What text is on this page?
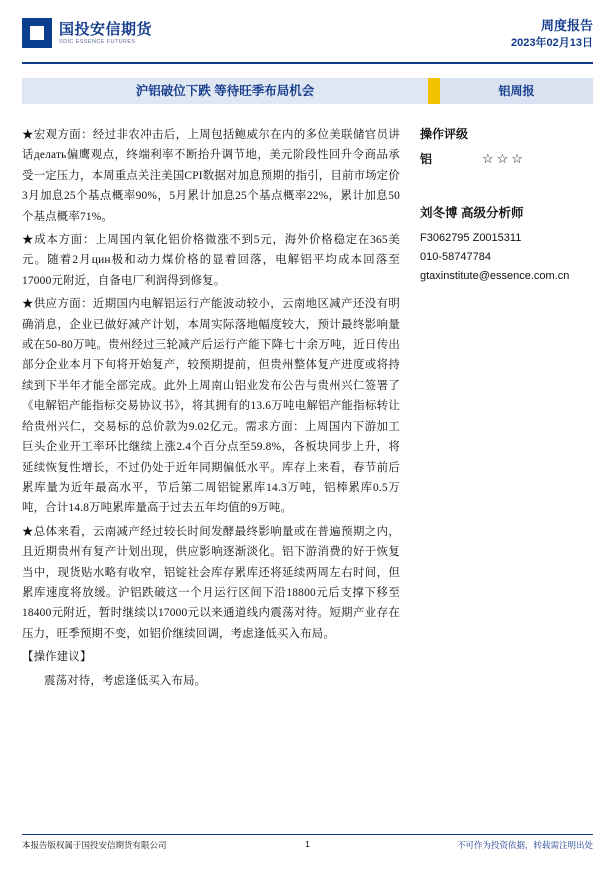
国投安信期货
SDIC ESSENCE FUTURES
周度报告
2023年02月13日
沪铝破位下跌 等待旺季布局机会	铝周报

★宏观方面：经过非农冲击后，上周包括鲍威尔在内的多位美联储官员讲话делать偏鹰观点，终端利率不断抬升调节地，美元阶段性回升令商品承受一定压力，本周重点关注美国CPI数据对加息预期的指引，目前市场定价3月加息25个基点概率90%，5月累计加息25个基点概率22%，累计加息50个基点概率71%。

★成本方面：上周国内氧化铝价格微涨不到5元，海外价格稳定在365美元。随着2月цин极和动力煤价格的显着回落，电解铝平均成本回落至17000元附近，自备电厂利润得到修复。

★供应方面：近期国内电解铝运行产能波动较小，云南地区减产还没有明确消息，企业已做好减产计划，本周实际落地幅度较大，预计最终影响量或在50-80万吨。贵州经过三轮减产后运行产能下降七十余万吨，近日传出部分企业本月下旬将开始复产，较预期提前，但贵州整体复产进度或将持续到下半年才能全部完成。此外上周南山铝业发布公告与贵州兴仁签署了《电解铝产能指标交易协议书》，将其拥有的13.6万吨电解铝产能指标转让给贵州兴仁，交易标的总价款为9.02亿元。需求方面：上周国内下游加工巨头企业开工率环比继续上涨2.4个百分点至59.8%，各板块同步上升，将延续恢复性增长，不过仍处于近年同期偏低水平。库存上来看，春节前后累库量为近年最高水平，节后第二周铝锭累库14.3万吨，铝棒累库0.5万吨，合计14.8万吨累库量高于过去五年均值的9万吨。

★总体来看，云南减产经过较长时间发酵最终影响量或在普遍预期之内，且近期贵州有复产计划出现，供应影响逐渐淡化。铝下游消费的好于恢复当中，现货贴水略有收窄，铝锭社会库存累库还将延续两周左右时间，但累库速度将放缓。沪铝跌破这一个月运行区间下沿18800元后支撑下移至18400元附近，暂时继续以17000元以来通道线内震荡对待。短期产业存在压力，旺季预期不变，如铝价继续回调，考虑逢低买入布局。

【操作建议】

震荡对待，考虑逢低买入布局。

操作评级
铝	☆☆☆
刘冬博 高级分析师
F3062795 Z0015311
010-58747784
gtaxinstitute@essence.com.cn
本报告版权属于国投安信期货有限公司	1	不可作为投资依据，转载需注明出处
